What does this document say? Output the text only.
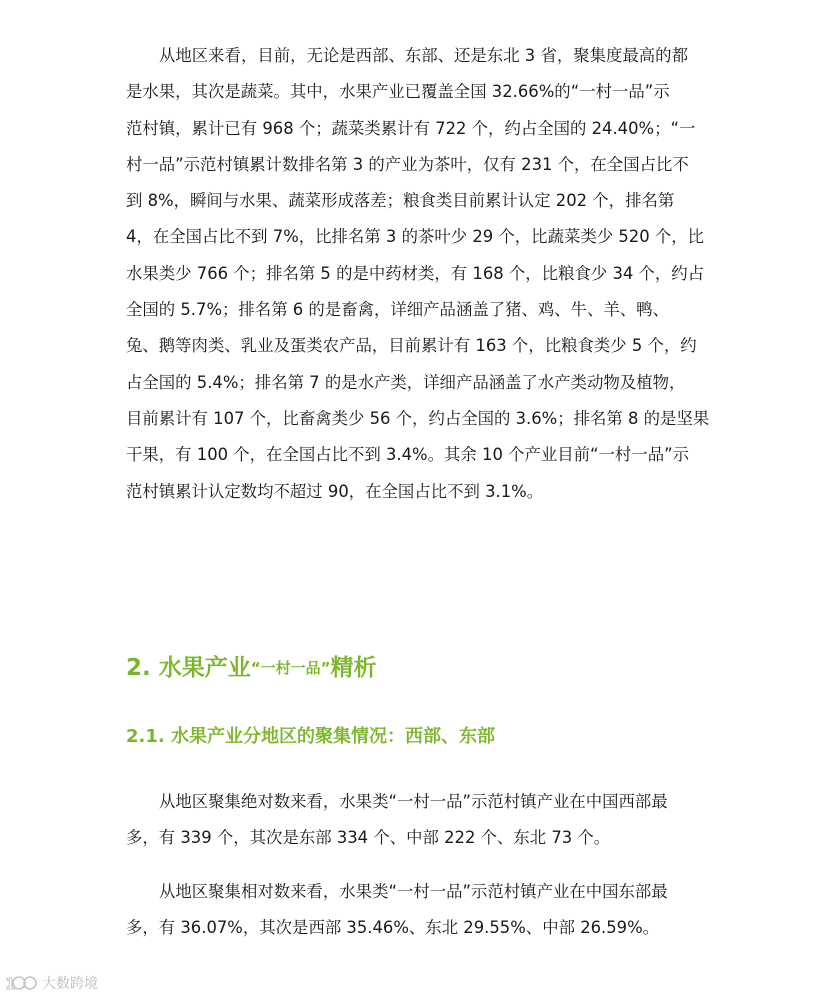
从地区来看，目前，无论是西部、东部、还是东北 3 省，聚集度最高的都
是水果，其次是蔬菜。其中，水果产业已覆盖全国 32.66%的“一村一品”示
范村镇，累计已有 968 个；蔬菜类累计有 722 个，约占全国的 24.40%；“一
村一品”示范村镇累计数排名第 3 的产业为茶叶，仅有 231 个，在全国占比不
到 8%，瞬间与水果、蔬菜形成落差；粮食类目前累计认定 202 个，排名第
4，在全国占比不到 7%，比排名第 3 的茶叶少 29 个，比蔬菜类少 520 个，比
水果类少 766 个；排名第 5 的是中药材类，有 168 个，比粮食少 34 个，约占
全国的 5.7%；排名第 6 的是畜禽，详细产品涵盖了猪、鸡、牛、羊、鸭、
兔、鹅等肉类、乳业及蛋类农产品，目前累计有 163 个，比粮食类少 5 个，约
占全国的 5.4%；排名第 7 的是水产类，详细产品涵盖了水产类动物及植物，
目前累计有 107 个，比畜禽类少 56 个，约占全国的 3.6%；排名第 8 的是坚果
干果，有 100 个，在全国占比不到 3.4%。其余 10 个产业目前“一村一品”示
范村镇累计认定数均不超过 90，在全国占比不到 3.1%。

2. 水果产业“一村一品”精析
2.1. 水果产业分地区的聚集情况：西部、东部

从地区聚集绝对数来看，水果类“一村一品”示范村镇产业在中国西部最
多，有 339 个，其次是东部 334 个、中部 222 个、东北 73 个。

从地区聚集相对数来看，水果类“一村一品”示范村镇产业在中国东部最
多，有 36.07%，其次是西部 35.46%、东北 29.55%、中部 26.59%。

1 大数跨境
